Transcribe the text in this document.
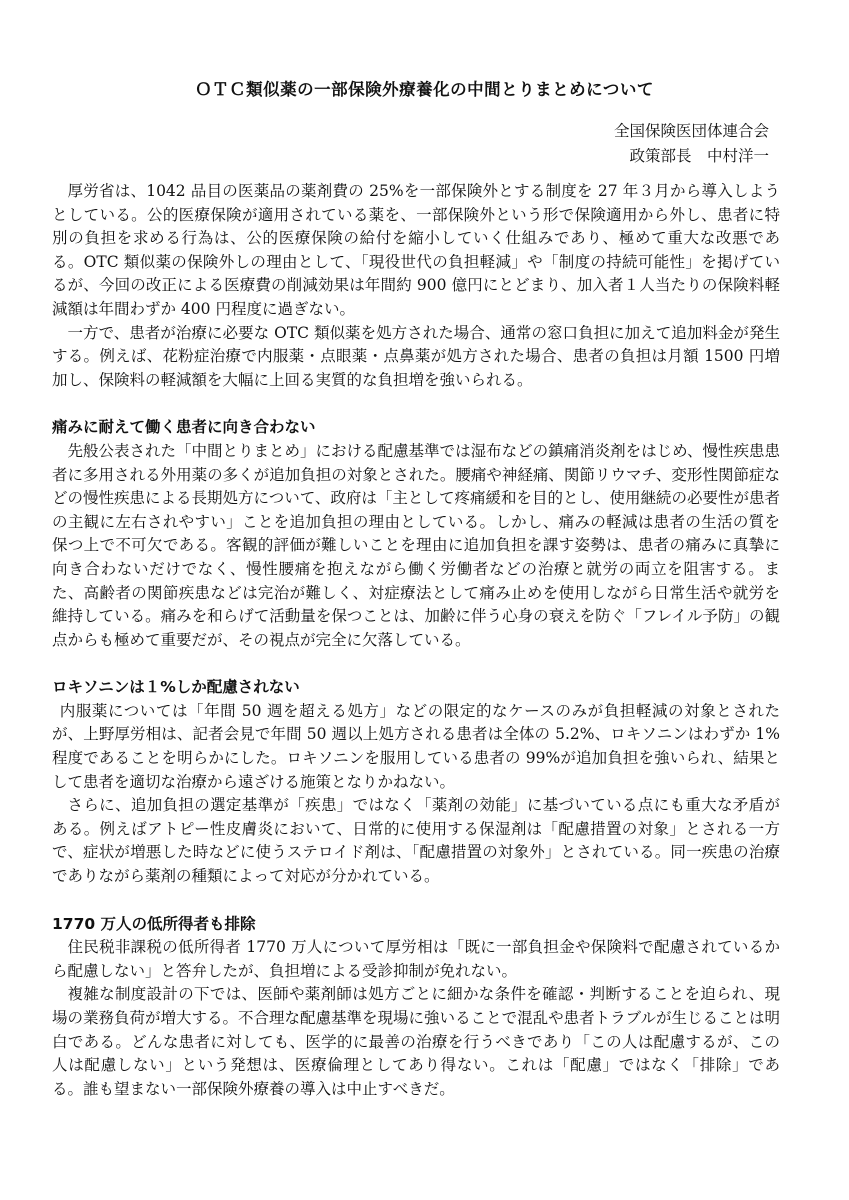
ＯＴＣ類似薬の一部保険外療養化の中間とりまとめについて
全国保険医団体連合会
政策部長　中村洋一

厚労省は、1042 品目の医薬品の薬剤費の 25%を一部保険外とする制度を 27 年３月から導入しようとしている。公的医療保険が適用されている薬を、一部保険外という形で保険適用から外し、患者に特別の負担を求める行為は、公的医療保険の給付を縮小していく仕組みであり、極めて重大な改悪である。OTC 類似薬の保険外しの理由として、「現役世代の負担軽減」や「制度の持続可能性」を掲げているが、今回の改正による医療費の削減効果は年間約 900 億円にとどまり、加入者１人当たりの保険料軽減額は年間わずか 400 円程度に過ぎない。

一方で、患者が治療に必要な OTC 類似薬を処方された場合、通常の窓口負担に加えて追加料金が発生する。例えば、花粉症治療で内服薬・点眼薬・点鼻薬が処方された場合、患者の負担は月額 1500 円増加し、保険料の軽減額を大幅に上回る実質的な負担増を強いられる。

痛みに耐えて働く患者に向き合わない

先般公表された「中間とりまとめ」における配慮基準では湿布などの鎮痛消炎剤をはじめ、慢性疾患患者に多用される外用薬の多くが追加負担の対象とされた。腰痛や神経痛、関節リウマチ、変形性関節症などの慢性疾患による長期処方について、政府は「主として疼痛緩和を目的とし、使用継続の必要性が患者の主観に左右されやすい」ことを追加負担の理由としている。しかし、痛みの軽減は患者の生活の質を保つ上で不可欠である。客観的評価が難しいことを理由に追加負担を課す姿勢は、患者の痛みに真摯に向き合わないだけでなく、慢性腰痛を抱えながら働く労働者などの治療と就労の両立を阻害する。また、高齢者の関節疾患などは完治が難しく、対症療法として痛み止めを使用しながら日常生活や就労を維持している。痛みを和らげて活動量を保つことは、加齢に伴う心身の衰えを防ぐ「フレイル予防」の観点からも極めて重要だが、その視点が完全に欠落している。

ロキソニンは１%しか配慮されない

内服薬については「年間 50 週を超える処方」などの限定的なケースのみが負担軽減の対象とされたが、上野厚労相は、記者会見で年間 50 週以上処方される患者は全体の 5.2%、ロキソニンはわずか 1%程度であることを明らかにした。ロキソニンを服用している患者の 99%が追加負担を強いられ、結果として患者を適切な治療から遠ざける施策となりかねない。

さらに、追加負担の選定基準が「疾患」ではなく「薬剤の効能」に基づいている点にも重大な矛盾がある。例えばアトピー性皮膚炎において、日常的に使用する保湿剤は「配慮措置の対象」とされる一方で、症状が増悪した時などに使うステロイド剤は、「配慮措置の対象外」とされている。同一疾患の治療でありながら薬剤の種類によって対応が分かれている。

1770 万人の低所得者も排除

住民税非課税の低所得者 1770 万人について厚労相は「既に一部負担金や保険料で配慮されているから配慮しない」と答弁したが、負担増による受診抑制が免れない。

複雑な制度設計の下では、医師や薬剤師は処方ごとに細かな条件を確認・判断することを迫られ、現場の業務負荷が増大する。不合理な配慮基準を現場に強いることで混乱や患者トラブルが生じることは明白である。どんな患者に対しても、医学的に最善の治療を行うべきであり「この人は配慮するが、この人は配慮しない」という発想は、医療倫理としてあり得ない。これは「配慮」ではなく「排除」である。誰も望まない一部保険外療養の導入は中止すべきだ。
